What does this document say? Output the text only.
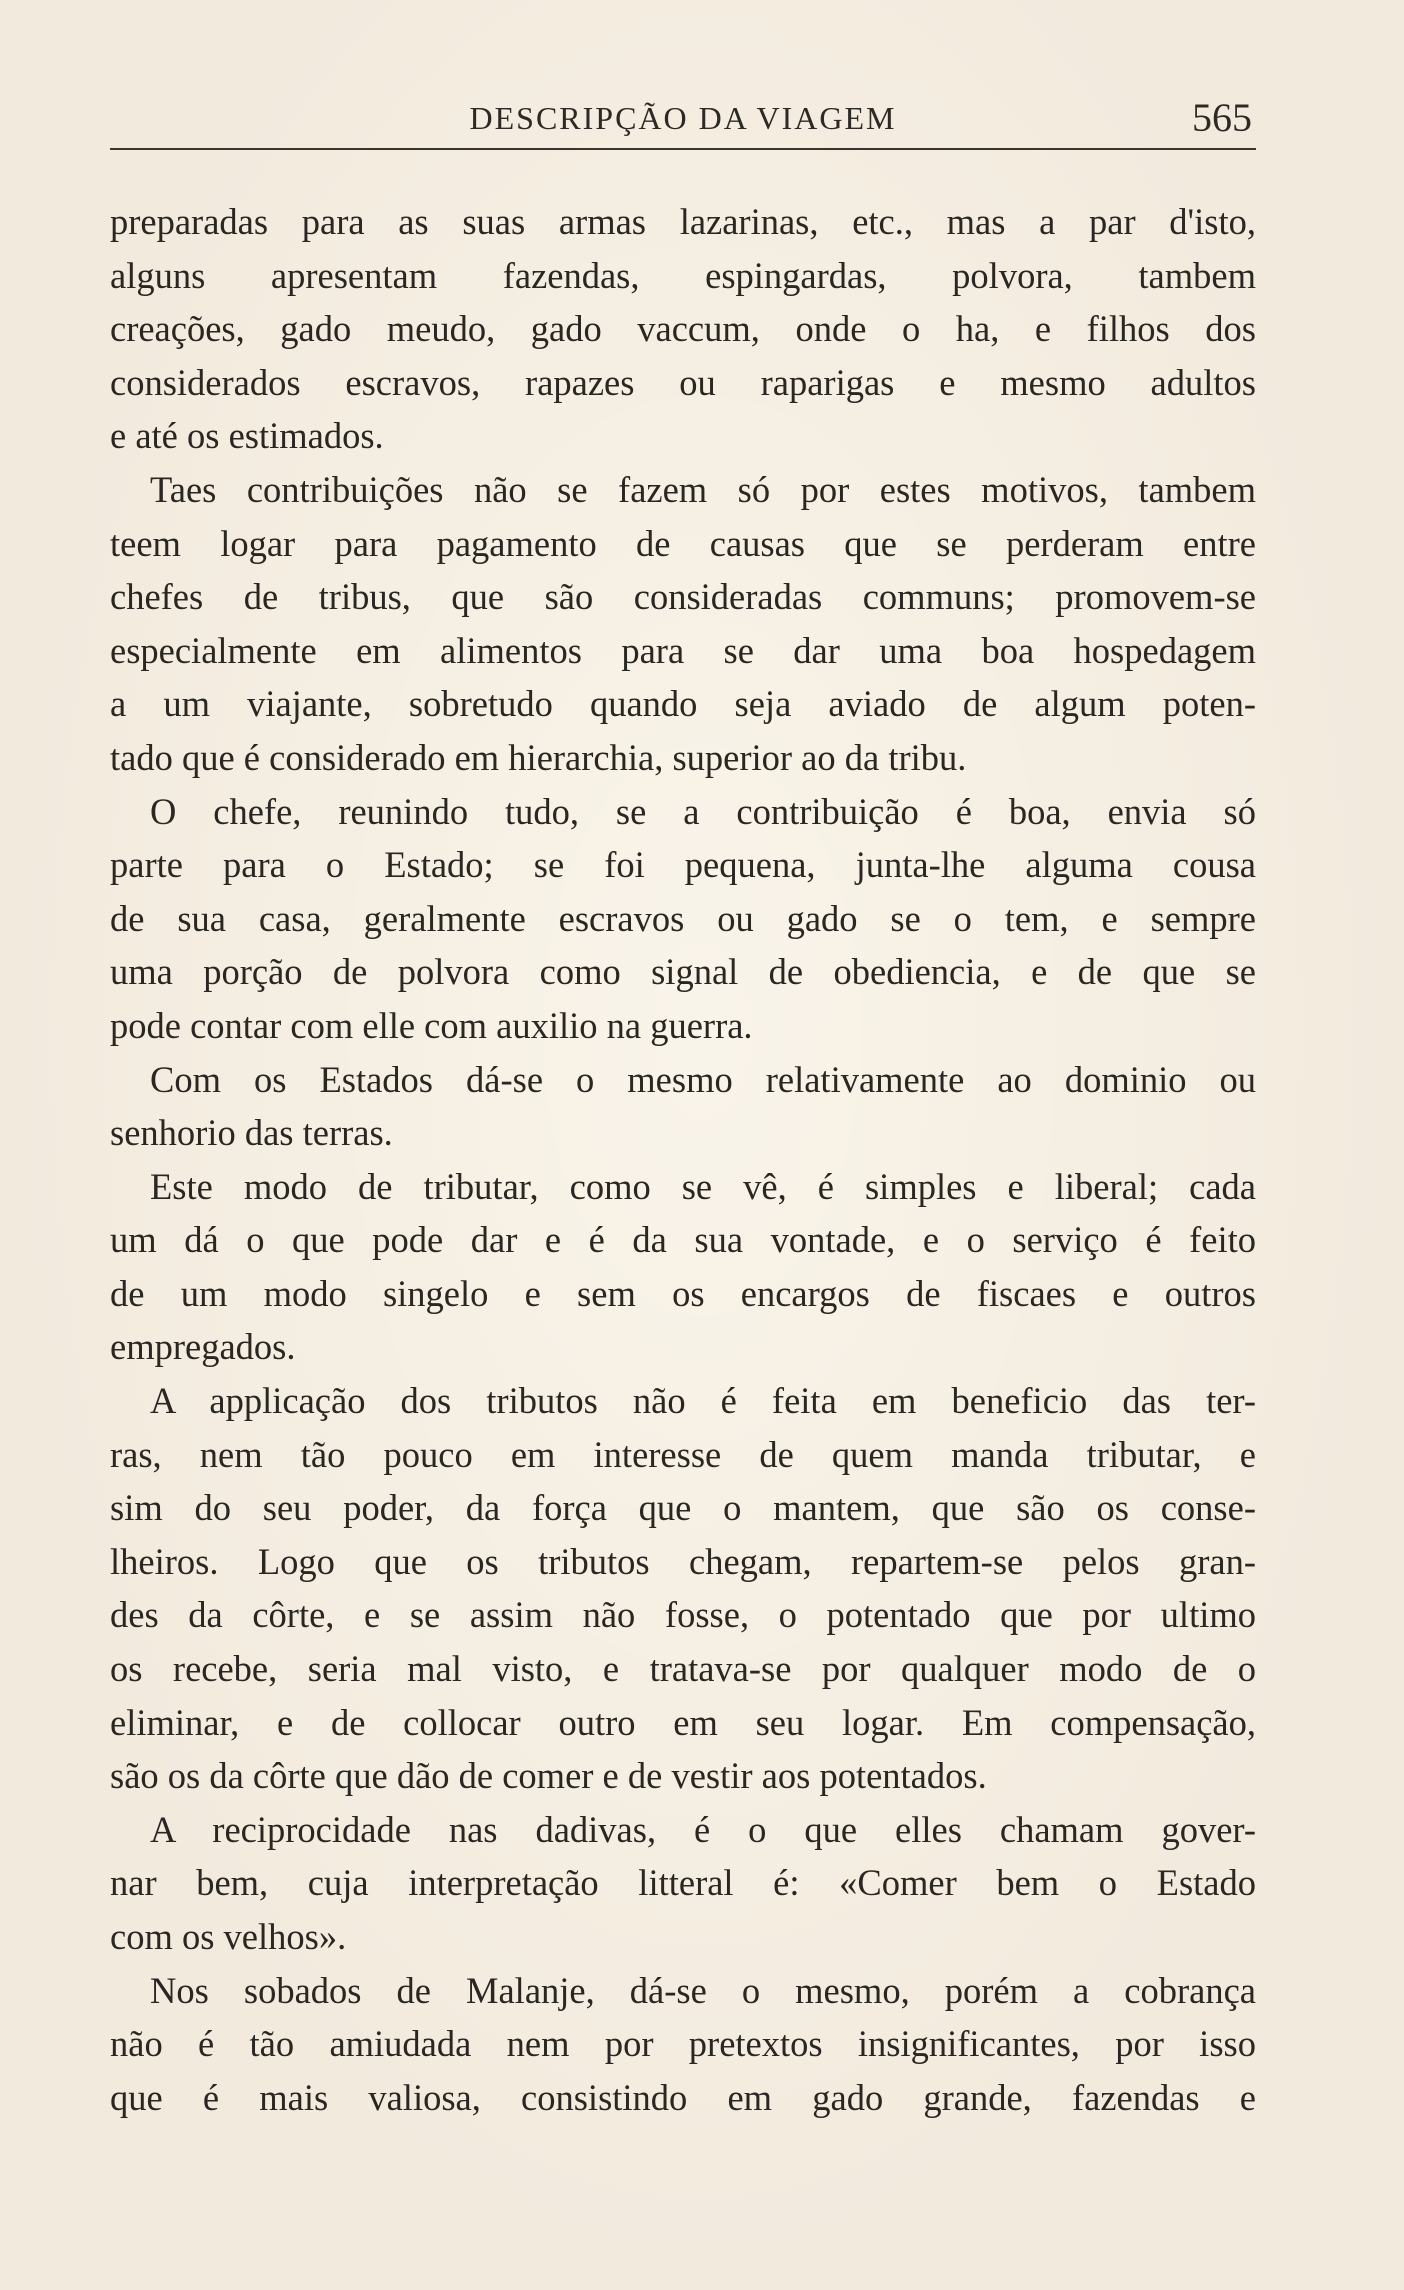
DESCRIPÇÃO DA VIAGEM	565
preparadas para as suas armas lazarinas, etc., mas a par d'isto,
alguns apresentam fazendas, espingardas, polvora, tambem
creações, gado meudo, gado vaccum, onde o ha, e filhos dos
considerados escravos, rapazes ou raparigas e mesmo adultos
e até os estimados.
Taes contribuições não se fazem só por estes motivos, tambem
teem logar para pagamento de causas que se perderam entre
chefes de tribus, que são consideradas communs; promovem-se
especialmente em alimentos para se dar uma boa hospedagem
a um viajante, sobretudo quando seja aviado de algum poten-
tado que é considerado em hierarchia, superior ao da tribu.
O chefe, reunindo tudo, se a contribuição é boa, envia só
parte para o Estado; se foi pequena, junta-lhe alguma cousa
de sua casa, geralmente escravos ou gado se o tem, e sempre
uma porção de polvora como signal de obediencia, e de que se
pode contar com elle com auxilio na guerra.
Com os Estados dá-se o mesmo relativamente ao dominio ou
senhorio das terras.
Este modo de tributar, como se vê, é simples e liberal; cada
um dá o que pode dar e é da sua vontade, e o serviço é feito
de um modo singelo e sem os encargos de fiscaes e outros
empregados.
A applicação dos tributos não é feita em beneficio das ter-
ras, nem tão pouco em interesse de quem manda tributar, e
sim do seu poder, da força que o mantem, que são os conse-
lheiros. Logo que os tributos chegam, repartem-se pelos gran-
des da côrte, e se assim não fosse, o potentado que por ultimo
os recebe, seria mal visto, e tratava-se por qualquer modo de o
eliminar, e de collocar outro em seu logar. Em compensação,
são os da côrte que dão de comer e de vestir aos potentados.
A reciprocidade nas dadivas, é o que elles chamam gover-
nar bem, cuja interpretação litteral é: «Comer bem o Estado
com os velhos».
Nos sobados de Malanje, dá-se o mesmo, porém a cobrança
não é tão amiudada nem por pretextos insignificantes, por isso
que é mais valiosa, consistindo em gado grande, fazendas e
